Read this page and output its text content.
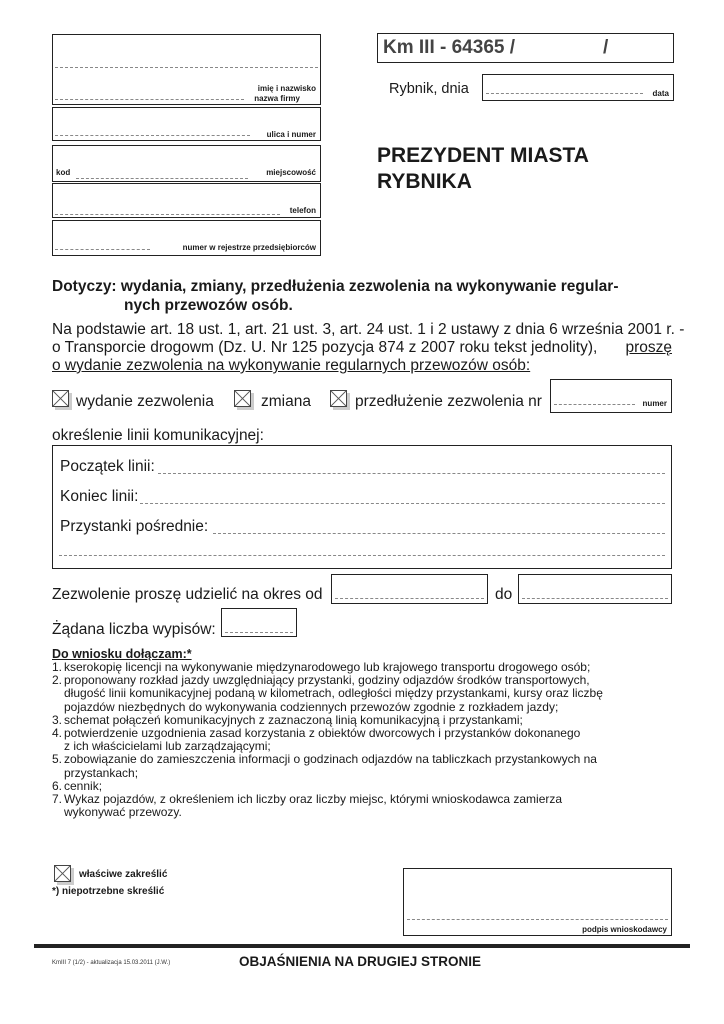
imię i nazwisko
nazwa firmy
ulica i numer
kod	miejscowość
telefon
numer w rejestrze przedsiębiorców
Km III - 64365 /	/
Rybnik, dnia	data
PREZYDENT MIASTA
RYBNIKA
Dotyczy: wydania, zmiany, przedłużenia zezwolenia na wykonywanie regular-
nych przewozów osób.
Na podstawie art. 18 ust. 1, art. 21 ust. 3, art. 24 ust. 1 i 2 ustawy z dnia 6 września 2001 r. -
o Transporcie drogowm (Dz. U. Nr 125 pozycja 874 z 2007 roku tekst jednolity), proszę
o wydanie zezwolenia na wykonywanie regularnych przewozów osób:
wydanie zezwolenia	zmiana	przedłużenie zezwolenia nr	numer
określenie linii komunikacyjnej:
Początek linii:
Koniec linii:
Przystanki pośrednie:
Zezwolenie proszę udzielić na okres od	do
Żądana liczba wypisów:
Do wniosku dołączam:*
1. kserokopię licencji na wykonywanie międzynarodowego lub krajowego transportu drogowego osób;
2. proponowany rozkład jazdy uwzględniający przystanki, godziny odjazdów środków transportowych,
długość linii komunikacyjnej podaną w kilometrach, odległości między przystankami, kursy oraz liczbę
pojazdów niezbędnych do wykonywania codziennych przewozów zgodnie z rozkładem jazdy;
3. schemat połączeń komunikacyjnych z zaznaczoną linią komunikacyjną i przystankami;
4. potwierdzenie uzgodnienia zasad korzystania z obiektów dworcowych i przystanków dokonanego
z ich właścicielami lub zarządzającymi;
5. zobowiązanie do zamieszczenia informacji o godzinach odjazdów na tabliczkach przystankowych na
przystankach;
6. cennik;
7. Wykaz pojazdów, z określeniem ich liczby oraz liczby miejsc, którymi wnioskodawca zamierza
wykonywać przewozy.
właściwe zakreślić
*) niepotrzebne skreślić
podpis wnioskodawcy
KmIII 7 (1/2) - aktualizacja 15.03.2011 (J.W.)	OBJAŚNIENIA NA DRUGIEJ STRONIE
